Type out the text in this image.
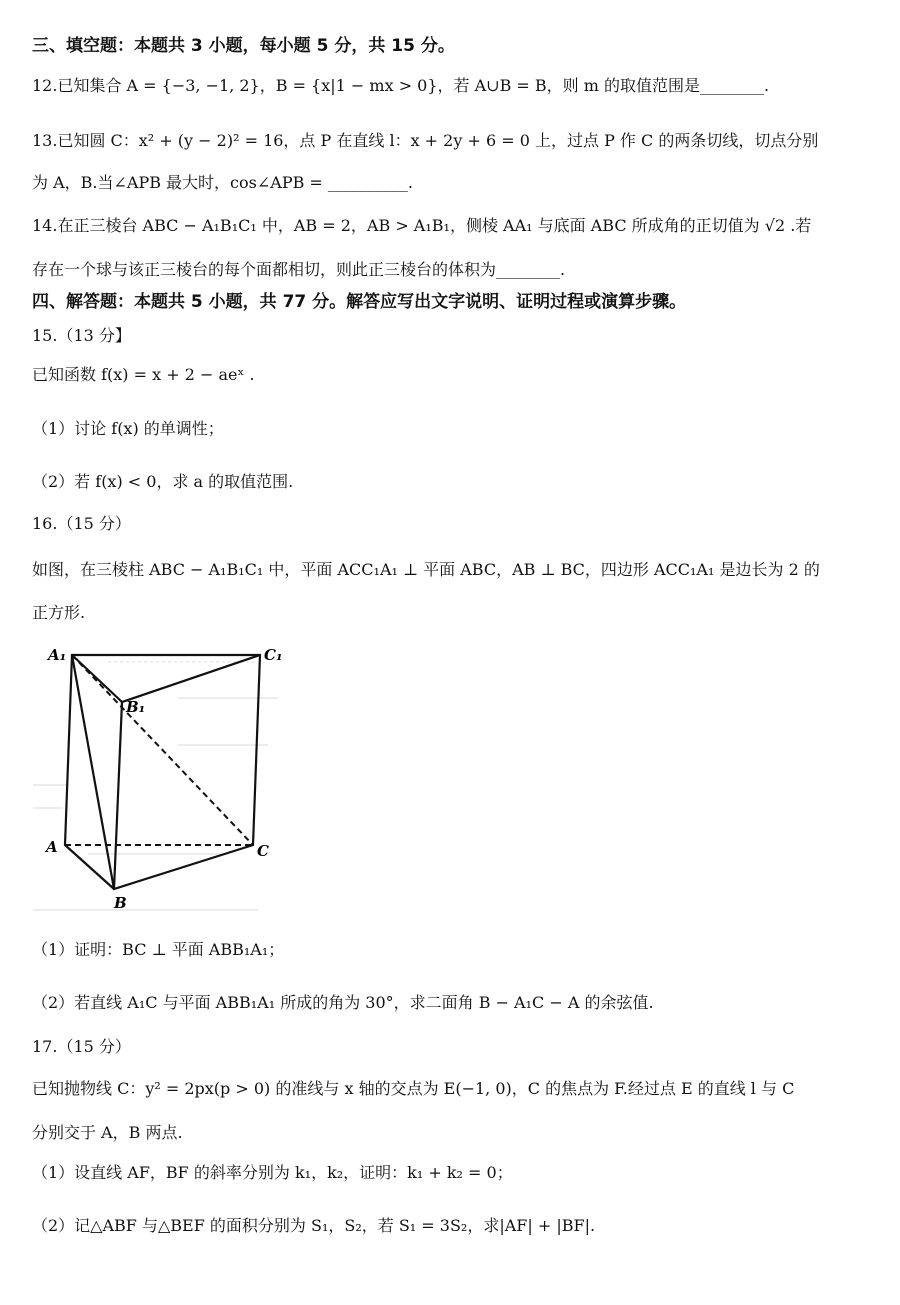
三、填空题：本题共 3 小题，每小题 5 分，共 15 分。
12.已知集合 A = {−3, −1, 2}，B = {x|1 − mx > 0}，若 A∪B = B，则 m 的取值范围是________.
13.已知圆 C：x² + (y − 2)² = 16，点 P 在直线 l：x + 2y + 6 = 0 上，过点 P 作 C 的两条切线，切点分别
为 A，B.当∠APB 最大时，cos∠APB = __________.
14.在正三棱台 ABC − A₁B₁C₁ 中，AB = 2，AB > A₁B₁，侧棱 AA₁ 与底面 ABC 所成角的正切值为 √2 .若
存在一个球与该正三棱台的每个面都相切，则此正三棱台的体积为________.
四、解答题：本题共 5 小题，共 77 分。解答应写出文字说明、证明过程或演算步骤。
15.（13 分】
已知函数 f(x) = x + 2 − aeˣ .
（1）讨论 f(x) 的单调性；
（2）若 f(x) < 0，求 a 的取值范围.
16.（15 分）
如图，在三棱柱 ABC − A₁B₁C₁ 中，平面 ACC₁A₁ ⊥ 平面 ABC，AB ⊥ BC，四边形 ACC₁A₁ 是边长为 2 的
正方形.
A₁	C₁
B₁
A	C
B
（1）证明：BC ⊥ 平面 ABB₁A₁；
（2）若直线 A₁C 与平面 ABB₁A₁ 所成的角为 30°，求二面角 B − A₁C − A 的余弦值.
17.（15 分）
已知抛物线 C：y² = 2px(p > 0) 的准线与 x 轴的交点为 E(−1, 0)，C 的焦点为 F.经过点 E 的直线 l 与 C
分别交于 A，B 两点.
（1）设直线 AF，BF 的斜率分别为 k₁，k₂，证明：k₁ + k₂ = 0；
（2）记△ABF 与△BEF 的面积分别为 S₁，S₂，若 S₁ = 3S₂，求|AF| + |BF|.
